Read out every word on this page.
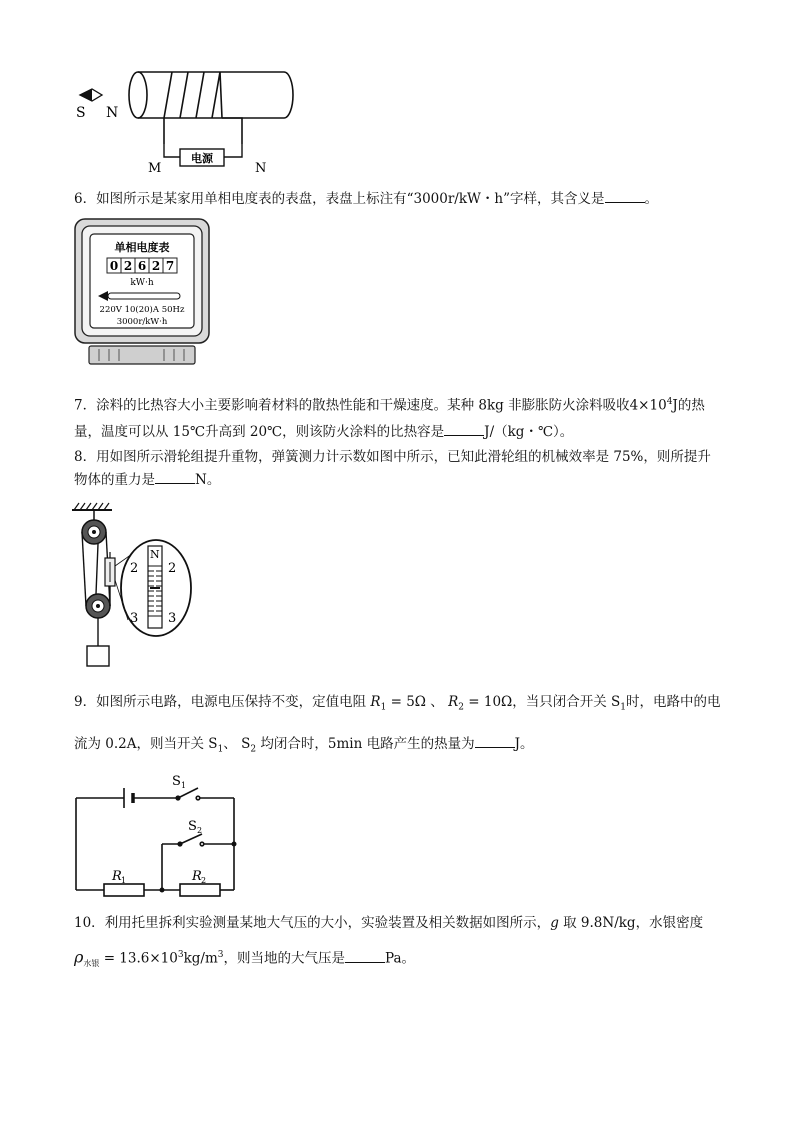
S N
电源
M	N
6．如图所示是某家用单相电度表的表盘，表盘上标注有“3000r/kW・h”字样，其含义是	。
单相电度表
0 2 6 2 7
kW·h
220V 10(20)A 50Hz
3000r/kW·h
7．涂料的比热容大小主要影响着材料的散热性能和干燥速度。某种 8kg 非膨胀防火涂料吸收$4\times 10^4J$的热
量，温度可以从 15℃升高到 20℃，则该防火涂料的比热容是	J/（kg・℃）。
8．用如图所示滑轮组提升重物，弹簧测力计示数如图中所示，已知此滑轮组的机械效率是 75%，则所提升
物体的重力是	N。
N
2 2
3 3
9．如图所示电路，电源电压保持不变，定值电阻 $R_1 = 5\Omega$ 、 $R_2 = 10\Omega$，当只闭合开关 $S_1$时，电路中的电
流为 0.2A，则当开关 $S_1$、 $S_2$ 均闭合时，5min 电路产生的热量为	J。
S 1
S 2
R 1	R 2
10．利用托里拆利实验测量某地大气压的大小，实验装置及相关数据如图所示，g 取 9.8N/kg，水银密度
$\rho_{水银} = 13.6\times 10^3kg/m^3$，则当地的大气压是	Pa。
